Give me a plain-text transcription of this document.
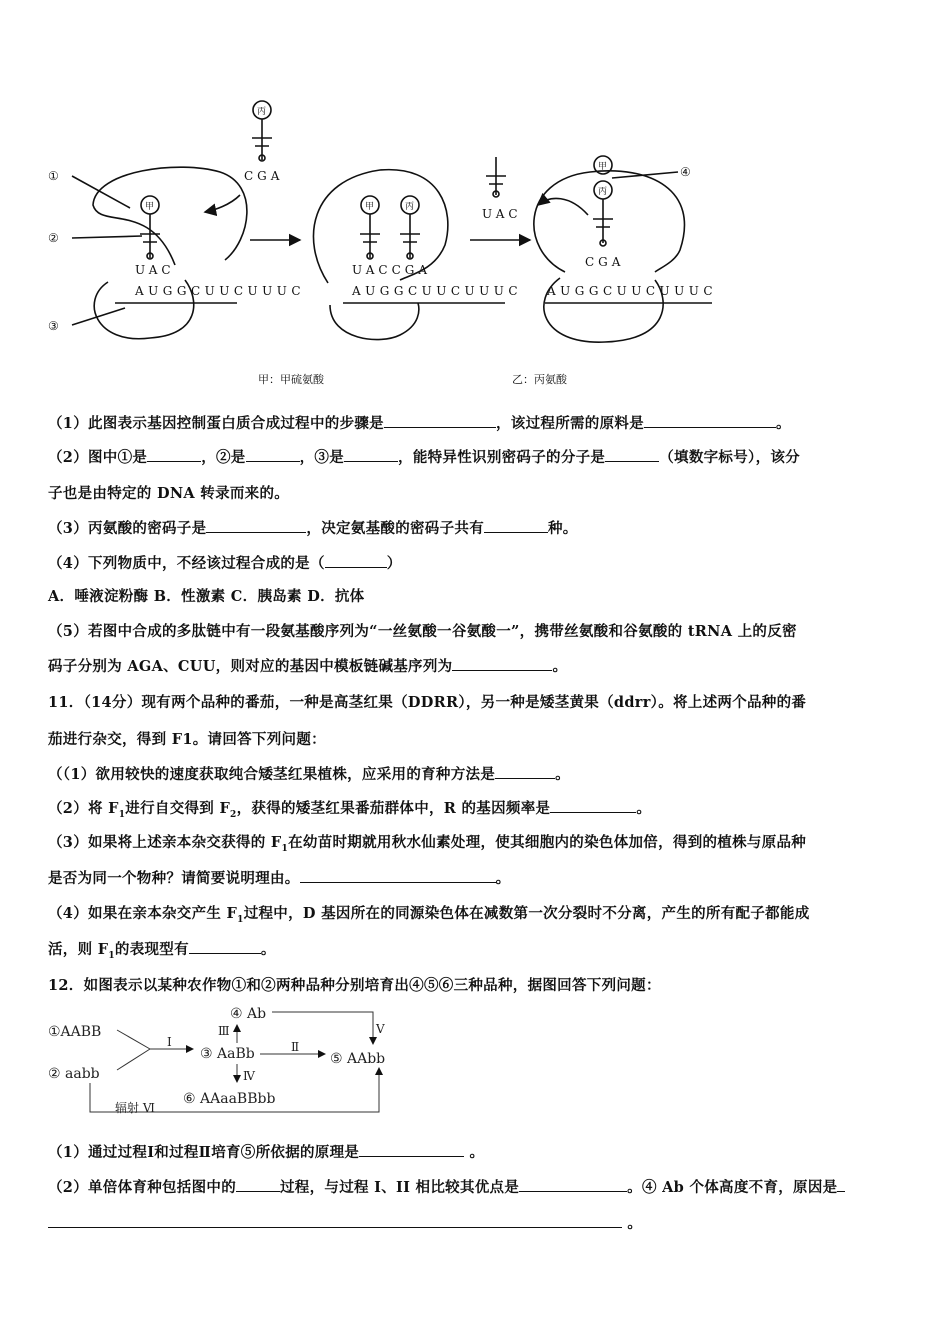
①
②
③
④
甲
丙
甲	丙
甲
丙
UAC
CGA
AUGGCUUCUUUC
UACCGA
AUGGCUUCUUUC
UAC
CGA
AUGGCUUCUUUC
甲：甲硫氨酸	乙：丙氨酸
（1）此图表示基因控制蛋白质合成过程中的步骤是	，该过程所需的原料是	。
（2）图中①是	，②是	，③是	，能特异性识别密码子的分子是	（填数字标号），该分
子也是由特定的 DNA 转录而来的。
（3）丙氨酸的密码子是	，决定氨基酸的密码子共有	种。
（4）下列物质中，不经该过程合成的是（	）
A．唾液淀粉酶 B．性激素 C．胰岛素 D．抗体
（5）若图中合成的多肽链中有一段氨基酸序列为“一丝氨酸一谷氨酸一”，携带丝氨酸和谷氨酸的 tRNA 上的反密
码子分别为 AGA、CUU，则对应的基因中模板链碱基序列为	。
11．（14分）现有两个品种的番茄，一种是高茎红果（DDRR），另一种是矮茎黄果（ddrr）。将上述两个品种的番
茄进行杂交，得到 F1。请回答下列问题：
（（1）欲用较快的速度获取纯合矮茎红果植株，应采用的育种方法是	。
（2）将 $F_1$进行自交得到 $F_2$，获得的矮茎红果番茄群体中，R 的基因频率是	。
（3）如果将上述亲本杂交获得的 $F_1$在幼苗时期就用秋水仙素处理，使其细胞内的染色体加倍，得到的植株与原品种
是否为同一个物种？请简要说明理由。	。
（4）如果在亲本杂交产生 $F_1$过程中，D 基因所在的同源染色体在减数第一次分裂时不分离，产生的所有配子都能成
活，则 $F_1$的表现型有	。
12．如图表示以某种农作物①和②两种品种分别培育出④⑤⑥三种品种，据图回答下列问题：
①AABB
② aabb
③ AaBb
④ Ab
⑤ AAbb
⑥ AAaaBBbb
Ⅰ	Ⅱ
Ⅲ
Ⅳ
Ⅴ
辐射 Ⅵ
（1）通过过程Ⅰ和过程Ⅱ培育⑤所依据的原理是	。
（2）单倍体育种包括图中的	过程，与过程 I、II 相比较其优点是	。④ Ab 个体高度不育，原因是
。
